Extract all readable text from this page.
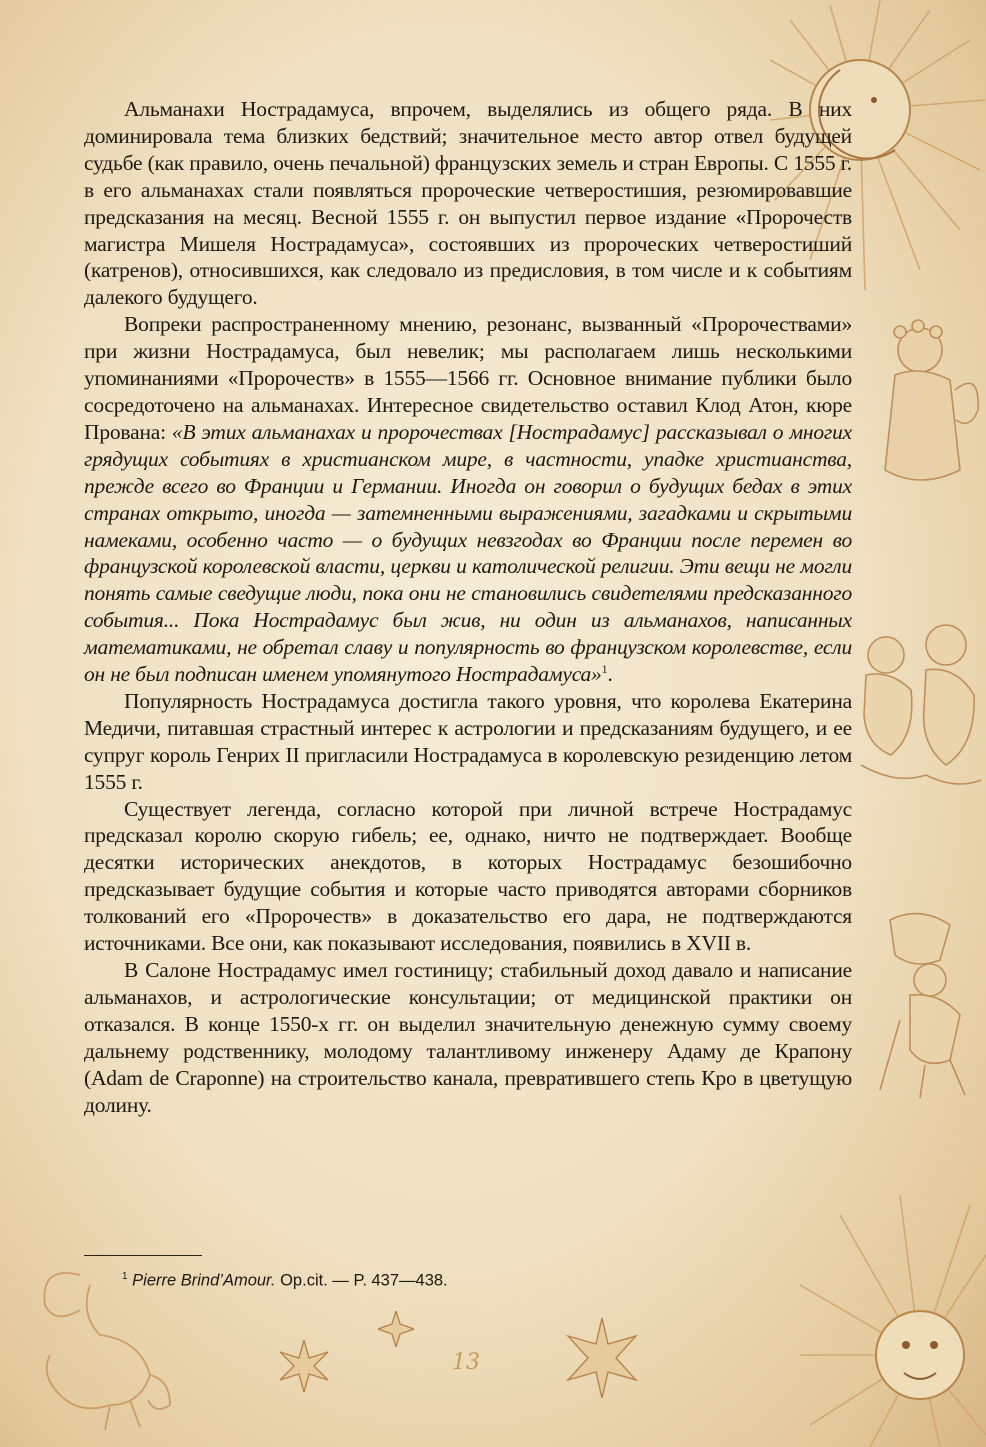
Альманахи Нострадамуса, впрочем, выделялись из общего ряда. В них доминировала тема близких бедствий; значительное место автор отвел будущей судьбе (как правило, очень печальной) французских земель и стран Европы. С 1555 г. в его альманахах стали появляться пророческие четверостишия, резюмировавшие предсказания на месяц. Весной 1555 г. он выпустил первое издание «Пророчеств магистра Мишеля Нострадамуса», состоявших из пророческих четверостиший (катренов), относившихся, как следовало из предисловия, в том числе и к событиям далекого будущего.

Вопреки распространенному мнению, резонанс, вызванный «Пророчествами» при жизни Нострадамуса, был невелик; мы располагаем лишь несколькими упоминаниями «Пророчеств» в 1555—1566 гг. Основное внимание публики было сосредоточено на альманахах. Интересное свидетельство оставил Клод Атон, кюре Прована: «В этих альманахах и пророчествах [Нострадамус] рассказывал о многих грядущих событиях в христианском мире, в частности, упадке христианства, прежде всего во Франции и Германии. Иногда он говорил о будущих бедах в этих странах открыто, иногда — затемненными выражениями, загадками и скрытыми намеками, особенно часто — о будущих невзгодах во Франции после перемен во французской королевской власти, церкви и католической религии. Эти вещи не могли понять самые сведущие люди, пока они не становились свидетелями предсказанного события... Пока Нострадамус был жив, ни один из альманахов, написанных математиками, не обретал славу и популярность во французском королевстве, если он не был подписан именем упомянутого Нострадамуса»$^1$.

Популярность Нострадамуса достигла такого уровня, что королева Екатерина Медичи, питавшая страстный интерес к астрологии и предсказаниям будущего, и ее супруг король Генрих II пригласили Нострадамуса в королевскую резиденцию летом 1555 г.

Существует легенда, согласно которой при личной встрече Нострадамус предсказал королю скорую гибель; ее, однако, ничто не подтверждает. Вообще десятки исторических анекдотов, в которых Нострадамус безошибочно предсказывает будущие события и которые часто приводятся авторами сборников толкований его «Пророчеств» в доказательство его дара, не подтверждаются источниками. Все они, как показывают исследования, появились в XVII в.

В Салоне Нострадамус имел гостиницу; стабильный доход давало и написание альманахов, и астрологические консультации; от медицинской практики он отказался. В конце 1550-х гг. он выделил значительную денежную сумму своему дальнему родственнику, молодому талантливому инженеру Адаму де Крапону (Adam de Craponne) на строительство канала, превратившего степь Кро в цветущую долину.

$^1$ Pierre Brind’Amour. Op.cit. — P. 437—438.
13
